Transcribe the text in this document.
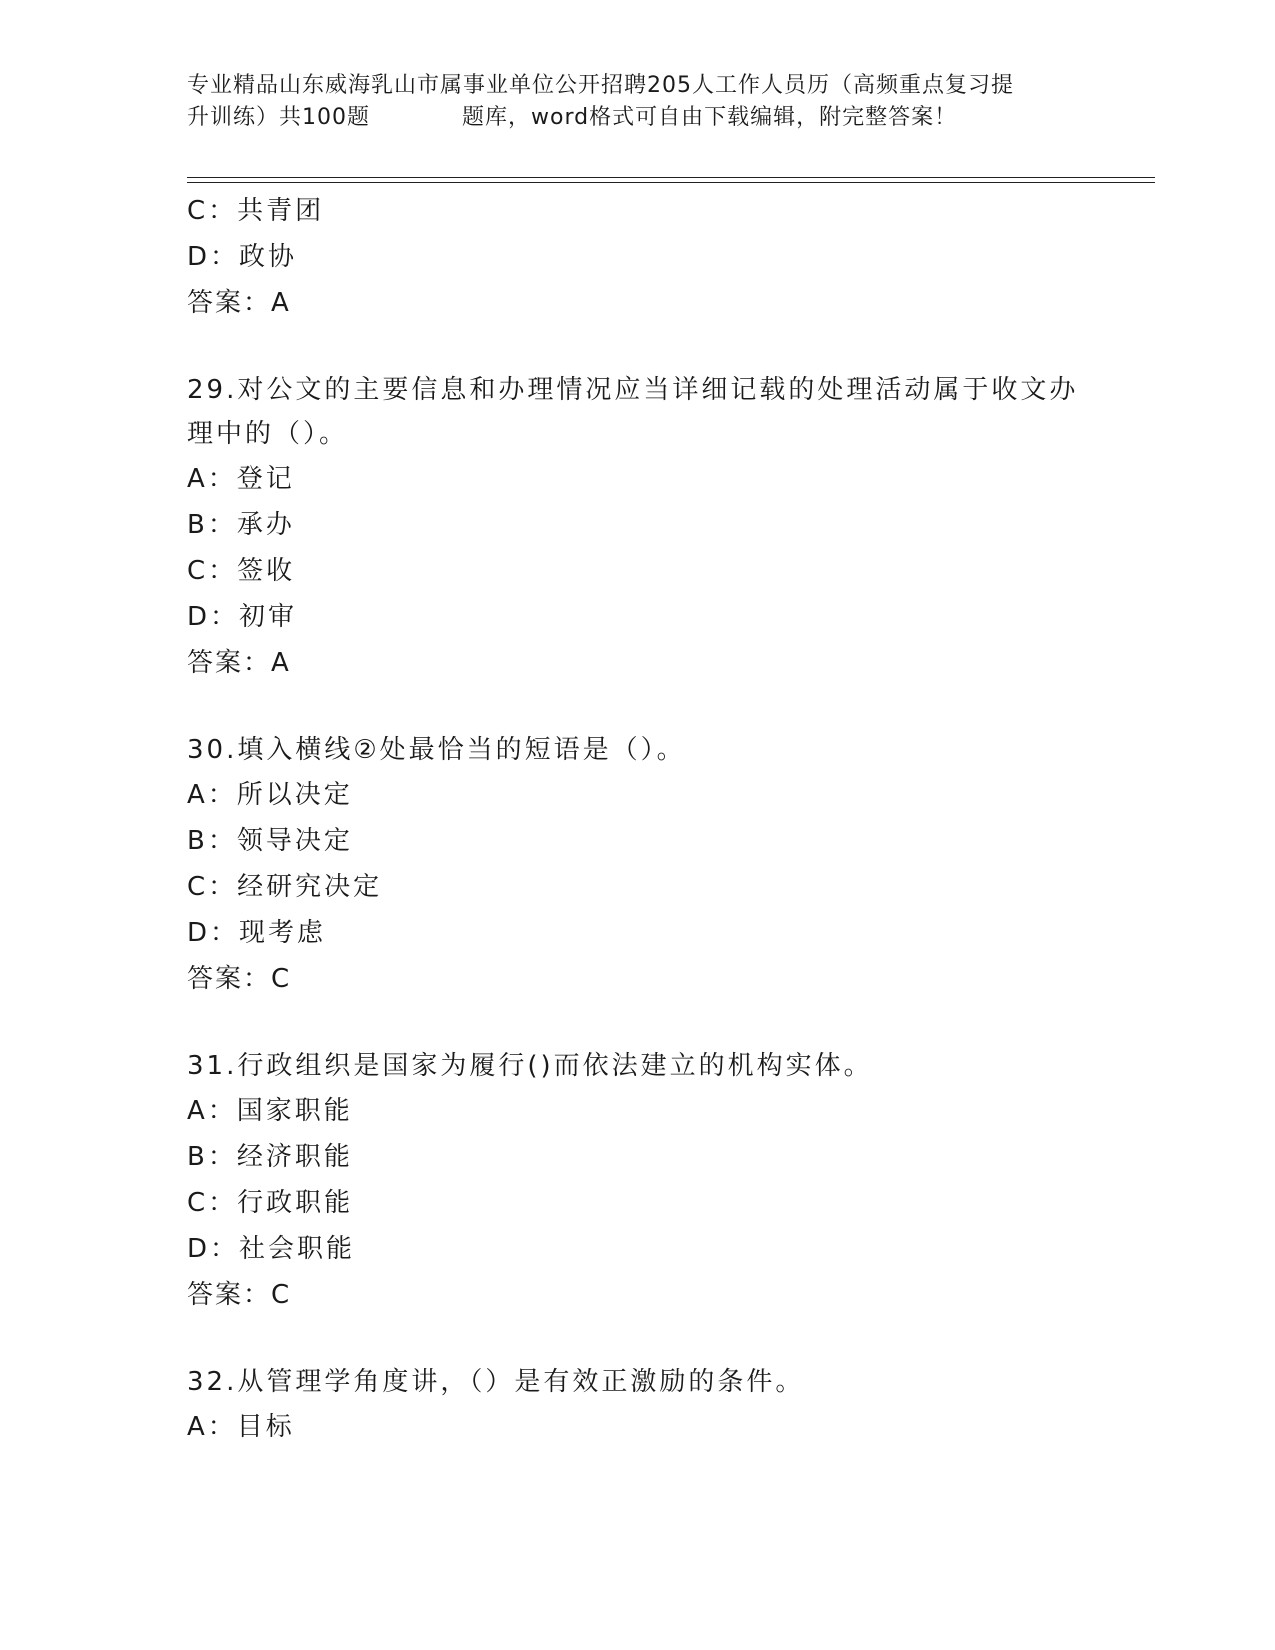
专业精品山东威海乳山市属事业单位公开招聘205人工作人员历（高频重点复习提
升训练）共100题	题库，word格式可自由下载编辑，附完整答案！
C：共青团
D：政协
答案：A
29.对公文的主要信息和办理情况应当详细记载的处理活动属于收文办
理中的（）。
A：登记
B：承办
C：签收
D：初审
答案：A
30.填入横线②处最恰当的短语是（）。
A：所以决定
B：领导决定
C：经研究决定
D：现考虑
答案：C
31.行政组织是国家为履行()而依法建立的机构实体。
A：国家职能
B：经济职能
C：行政职能
D：社会职能
答案：C
32.从管理学角度讲，（）是有效正激励的条件。
A：目标
